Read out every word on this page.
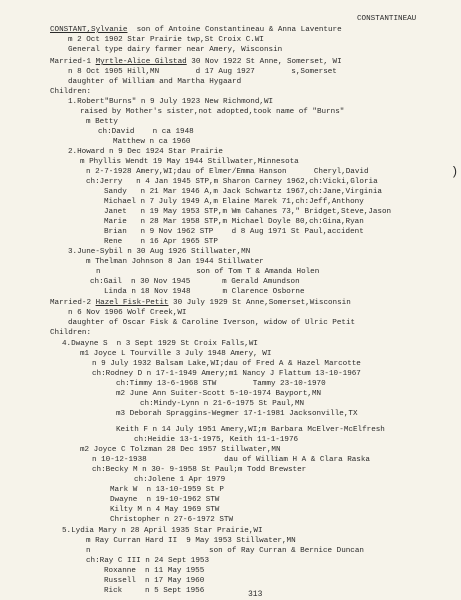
CONSTANTINEAU
CONSTANT,Sylvanie  son of Antoine Constantineau & Anna Laventure
m 2 Oct 1902 Star Prairie twp,St Croix C.WI
General type dairy farmer near Amery, Wisconsin
Married-1 Myrtle-Alice Gilstad 30 Nov 1922 St Anne, Somerset, WI
n 8 Oct 1905 Hill,MN        d 17 Aug 1927        s,Somerset
daughter of William and Martha Hygaard
Children:
1.Robert"Burns" n 9 July 1923 New Richmond,WI
raised by Mother's sister,not adopted,took name of "Burns"
m Betty
ch:David    n ca 1948
Matthew n ca 1960
2.Howard n 9 Dec 1924 Star Prairie
m Phyllis Wendt 19 May 1944 Stillwater,Minnesota
n 2-7-1928 Amery,WI;dau of Elmer/Emma Hanson      Cheryl,David	)
ch:Jerry   n 4 Jan 1945 STP,m Sharon Carney 1962,ch:Vicki,Gloria
Sandy   n 21 Mar 1946 A,m Jack Schwartz 1967,ch:Jane,Virginia
Michael n 7 July 1949 A,m Elaine Marek 71,ch:Jeff,Anthony
Janet   n 19 May 1953 STP,m Wm Cahanes 73," Bridget,Steve,Jason
Marie   n 28 Mar 1958 STP,m Michael Doyle 80,ch:Gina,Ryan
Brian   n 9 Nov 1962 STP    d 8 Aug 1971 St Paul,accident
Rene    n 16 Apr 1965 STP
3.June-Sybil n 30 Aug 1926 Stillwater,MN
m Thelman Johnson 8 Jan 1944 Stillwater
n                     son of Tom T & Amanda Holen
ch:Gail  n 30 Nov 1945       m Gerald Amundson
Linda n 18 Nov 1948       m Clarence Osborne
Married-2 Hazel Fisk-Petit 30 July 1929 St Anne,Somerset,Wisconsin
n 6 Nov 1906 Wolf Creek,WI
daughter of Oscar Fisk & Caroline Iverson, widow of Ulric Petit
Children:
4.Dwayne S  n 3 Sept 1929 St Croix Falls,WI
m1 Joyce L Tourville 3 July 1948 Amery, WI
n 9 July 1932 Balsam Lake,WI;dau of Fred A & Hazel Marcotte
ch:Rodney D n 17-1-1949 Amery;m1 Nancy J Flattum 13-10-1967
ch:Timmy 13-6-1968 STW        Tammy 23-10-1970
m2 June Ann Suiter-Scott 5-10-1974 Bayport,MN
ch:Mindy-Lynn n 21-6-1975 St Paul,MN
m3 Deborah Spraggins-Wegmer 17-1-1981 Jacksonville,TX
Keith F n 14 July 1951 Amery,WI;m Barbara McElver-McElfresh
ch:Heidie 13-1-1975, Keith 11-1-1976
m2 Joyce C Tolzman 28 Dec 1957 Stillwater,MN
n 10-12-1938                 dau of William H A & Clara Raska
ch:Becky M n 30- 9-1958 St Paul;m Todd Brewster
ch:Jolene 1 Apr 1979
Mark W  n 13-10-1959 St P
Dwayne  n 19-10-1962 STW
Kilty M n 4 May 1969 STW
Christopher n 27-6-1972 STW
5.Lydia Mary n 28 April 1935 Star Prairie,WI
m Ray Curran Hard II  9 May 1953 Stillwater,MN
n                          son of Ray Curran & Bernice Duncan
ch:Ray C III n 24 Sept 1953
Roxanne  n 11 May 1955
Russell  n 17 May 1960
Rick     n 5 Sept 1956	313
